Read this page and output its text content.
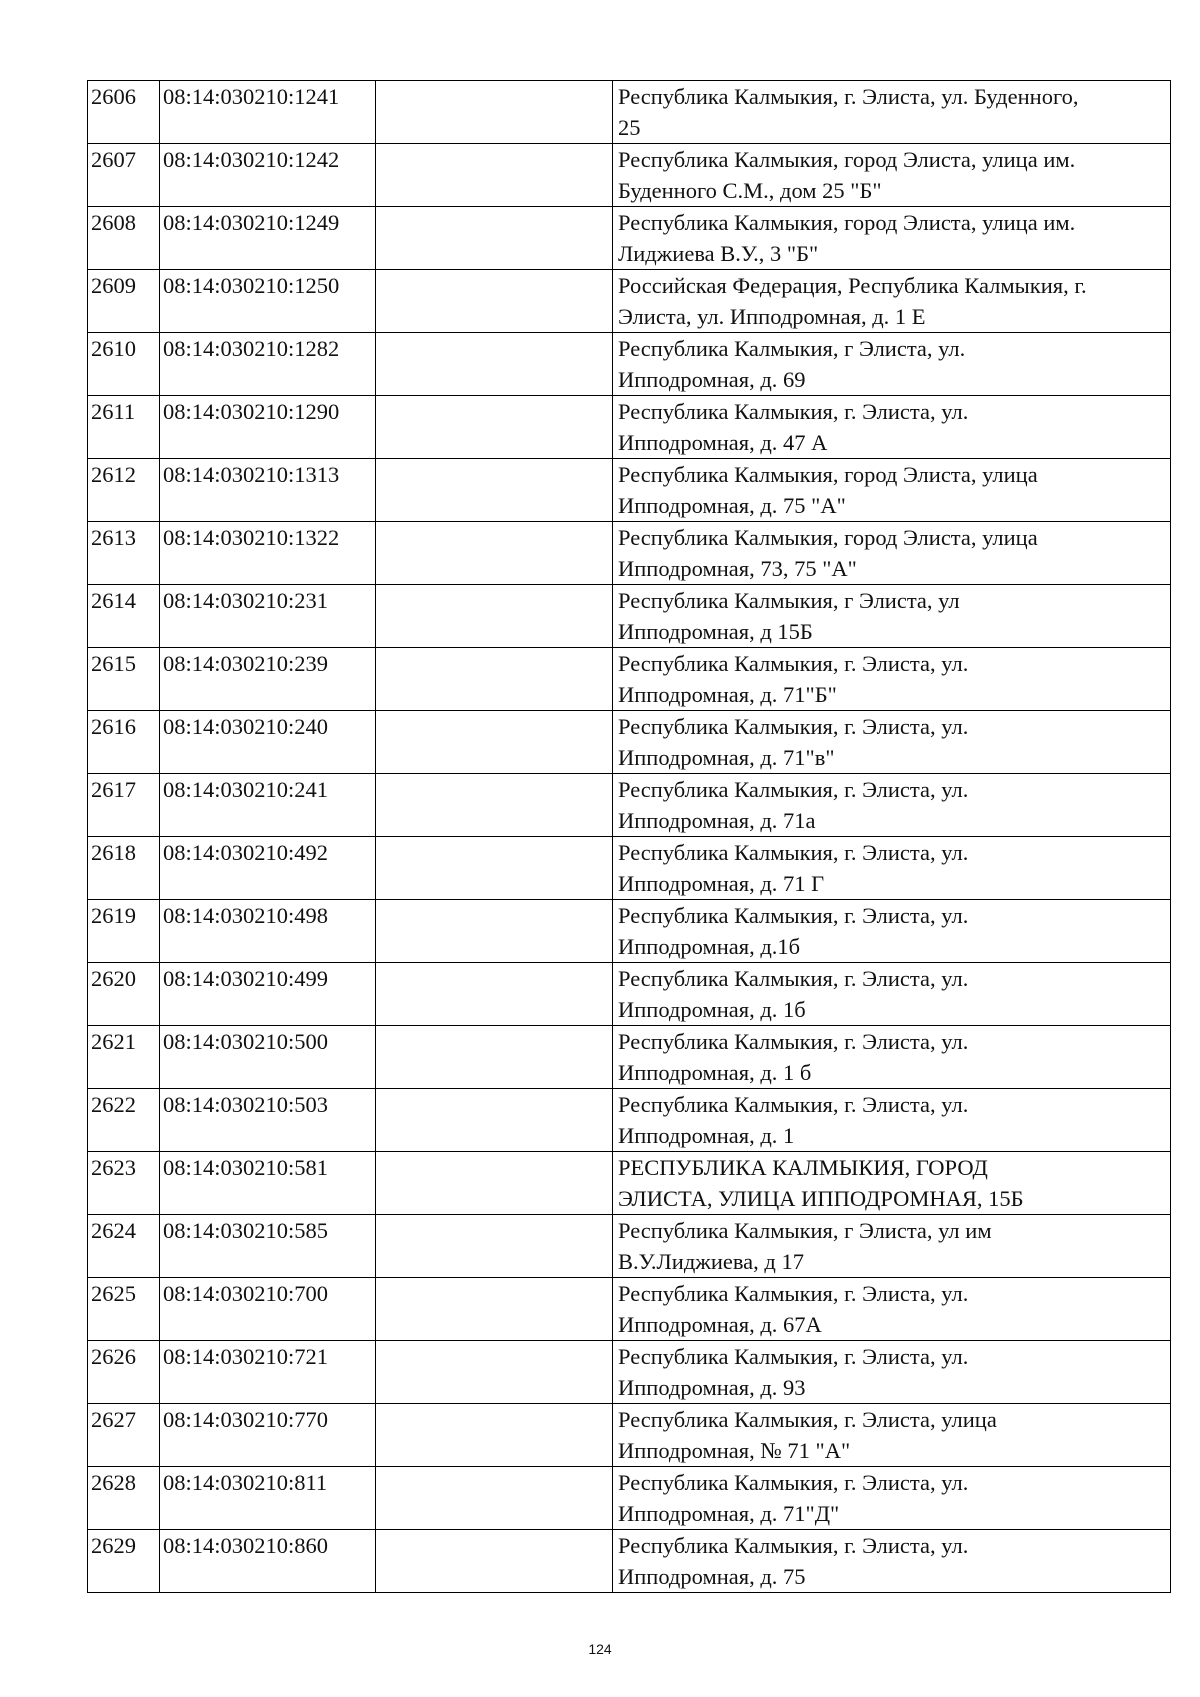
2606	08:14:030210:1241		Республика Калмыкия, г. Элиста, ул. Буденного,
25

2607	08:14:030210:1242		Республика Калмыкия, город Элиста, улица им.
Буденного С.М., дом 25 "Б"

2608	08:14:030210:1249		Республика Калмыкия, город Элиста, улица им.
Лиджиева В.У., 3 "Б"

2609	08:14:030210:1250		Российская Федерация, Республика Калмыкия, г.
Элиста, ул. Ипподромная, д. 1 Е

2610	08:14:030210:1282		Республика Калмыкия, г Элиста, ул.
Ипподромная, д. 69

2611	08:14:030210:1290		Республика Калмыкия, г. Элиста, ул.
Ипподромная, д. 47 А

2612	08:14:030210:1313		Республика Калмыкия, город Элиста, улица
Ипподромная, д. 75 "А"

2613	08:14:030210:1322		Республика Калмыкия, город Элиста, улица
Ипподромная, 73, 75 "А"

2614	08:14:030210:231		Республика Калмыкия, г Элиста, ул
Ипподромная, д 15Б

2615	08:14:030210:239		Республика Калмыкия, г. Элиста, ул.
Ипподромная, д. 71"Б"

2616	08:14:030210:240		Республика Калмыкия, г. Элиста, ул.
Ипподромная, д. 71"в"

2617	08:14:030210:241		Республика Калмыкия, г. Элиста, ул.
Ипподромная, д. 71а

2618	08:14:030210:492		Республика Калмыкия, г. Элиста, ул.
Ипподромная, д. 71 Г

2619	08:14:030210:498		Республика Калмыкия, г. Элиста, ул.
Ипподромная, д.1б

2620	08:14:030210:499		Республика Калмыкия, г. Элиста, ул.
Ипподромная, д. 1б

2621	08:14:030210:500		Республика Калмыкия, г. Элиста, ул.
Ипподромная, д. 1 б

2622	08:14:030210:503		Республика Калмыкия, г. Элиста, ул.
Ипподромная, д. 1

2623	08:14:030210:581		РЕСПУБЛИКА КАЛМЫКИЯ, ГОРОД
ЭЛИСТА, УЛИЦА ИППОДРОМНАЯ, 15Б

2624	08:14:030210:585		Республика Калмыкия, г Элиста, ул им
В.У.Лиджиева, д 17

2625	08:14:030210:700		Республика Калмыкия, г. Элиста, ул.
Ипподромная, д. 67А

2626	08:14:030210:721		Республика Калмыкия, г. Элиста, ул.
Ипподромная, д. 93

2627	08:14:030210:770		Республика Калмыкия, г. Элиста, улица
Ипподромная, № 71 "А"

2628	08:14:030210:811		Республика Калмыкия, г. Элиста, ул.
Ипподромная, д. 71"Д"

2629	08:14:030210:860		Республика Калмыкия, г. Элиста, ул.
Ипподромная, д. 75
124
